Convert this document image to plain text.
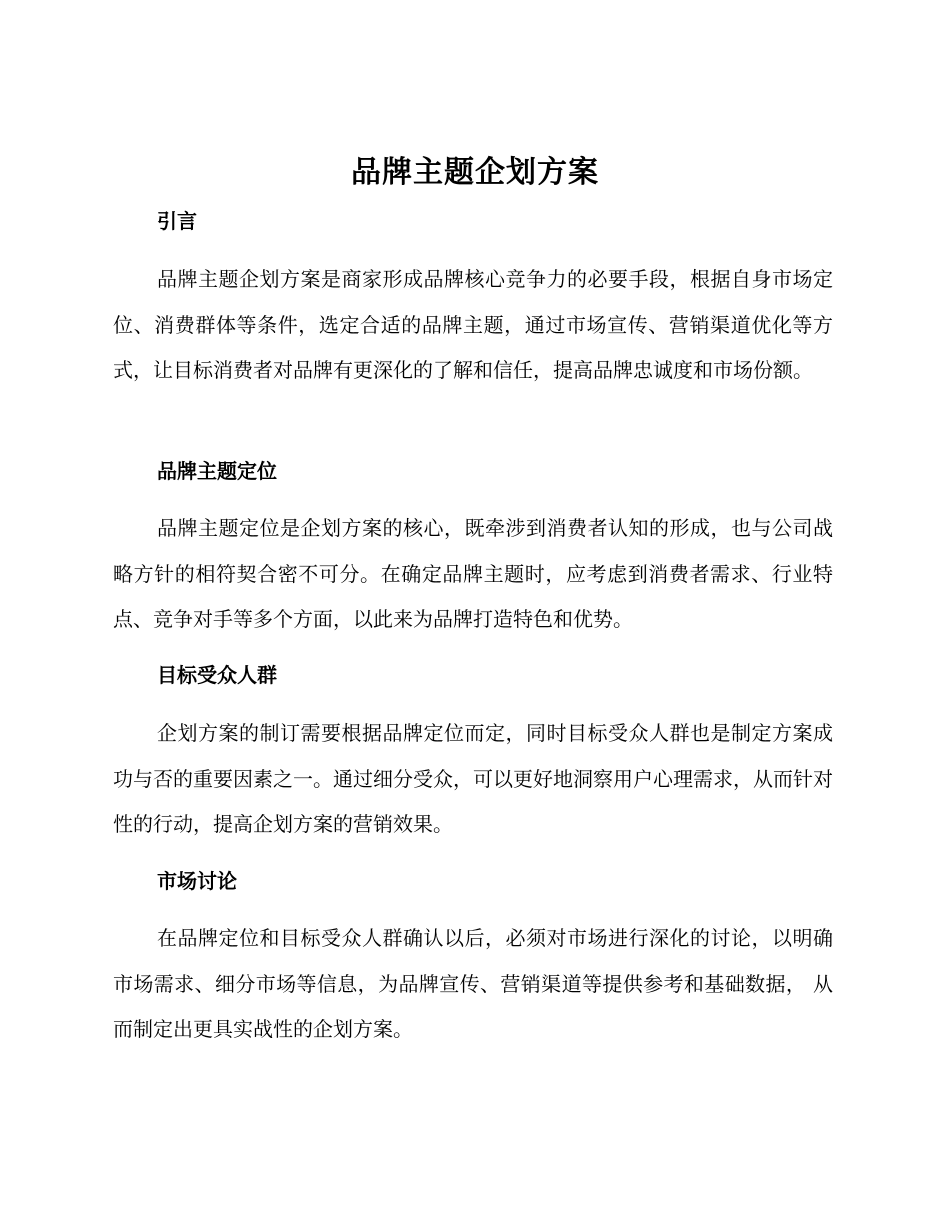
品牌主题企划方案
引言
品牌主题企划方案是商家形成品牌核心竞争力的必要手段，根据自身市场定位、消费群体等条件，选定合适的品牌主题，通过市场宣传、营销渠道优化等方式，让目标消费者对品牌有更深化的了解和信任，提高品牌忠诚度和市场份额。
品牌主题定位
品牌主题定位是企划方案的核心，既牵涉到消费者认知的形成，也与公司战略方针的相符契合密不可分。在确定品牌主题时，应考虑到消费者需求、行业特点、竞争对手等多个方面，以此来为品牌打造特色和优势。
目标受众人群
企划方案的制订需要根据品牌定位而定，同时目标受众人群也是制定方案成功与否的重要因素之一。通过细分受众，可以更好地洞察用户心理需求，从而针对性的行动，提高企划方案的营销效果。
市场讨论
在品牌定位和目标受众人群确认以后，必须对市场进行深化的讨论，以明确市场需求、细分市场等信息，为品牌宣传、营销渠道等提供参考和基础数据， 从而制定出更具实战性的企划方案。
